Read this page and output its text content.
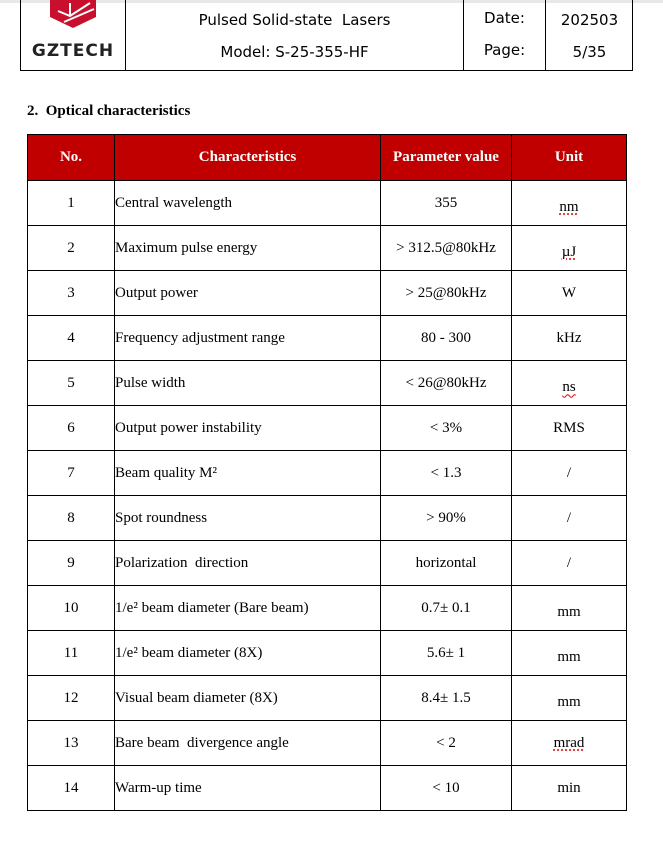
GZTECH
Pulsed Solid-state  Lasers
Model: S-25-355-HF
Date:
Page:
202503
5/35
2.  Optical characteristics
No.	Characteristics	Parameter value	Unit
1	Central wavelength	355	nm
2	Maximum pulse energy	> 312.5@80kHz	µJ
3	Output power	> 25@80kHz	W
4	Frequency adjustment range	80 - 300	kHz
5	Pulse width	< 26@80kHz	ns
6	Output power instability	< 3%	RMS
7	Beam quality M²	< 1.3	/
8	Spot roundness	> 90%	/
9	Polarization  direction	horizontal	/
10	1/e² beam diameter (Bare beam)	0.7± 0.1	mm
11	1/e² beam diameter (8X)	5.6± 1	mm
12	Visual beam diameter (8X)	8.4± 1.5	mm
13	Bare beam  divergence angle	< 2	mrad
14	Warm-up time	< 10	min
